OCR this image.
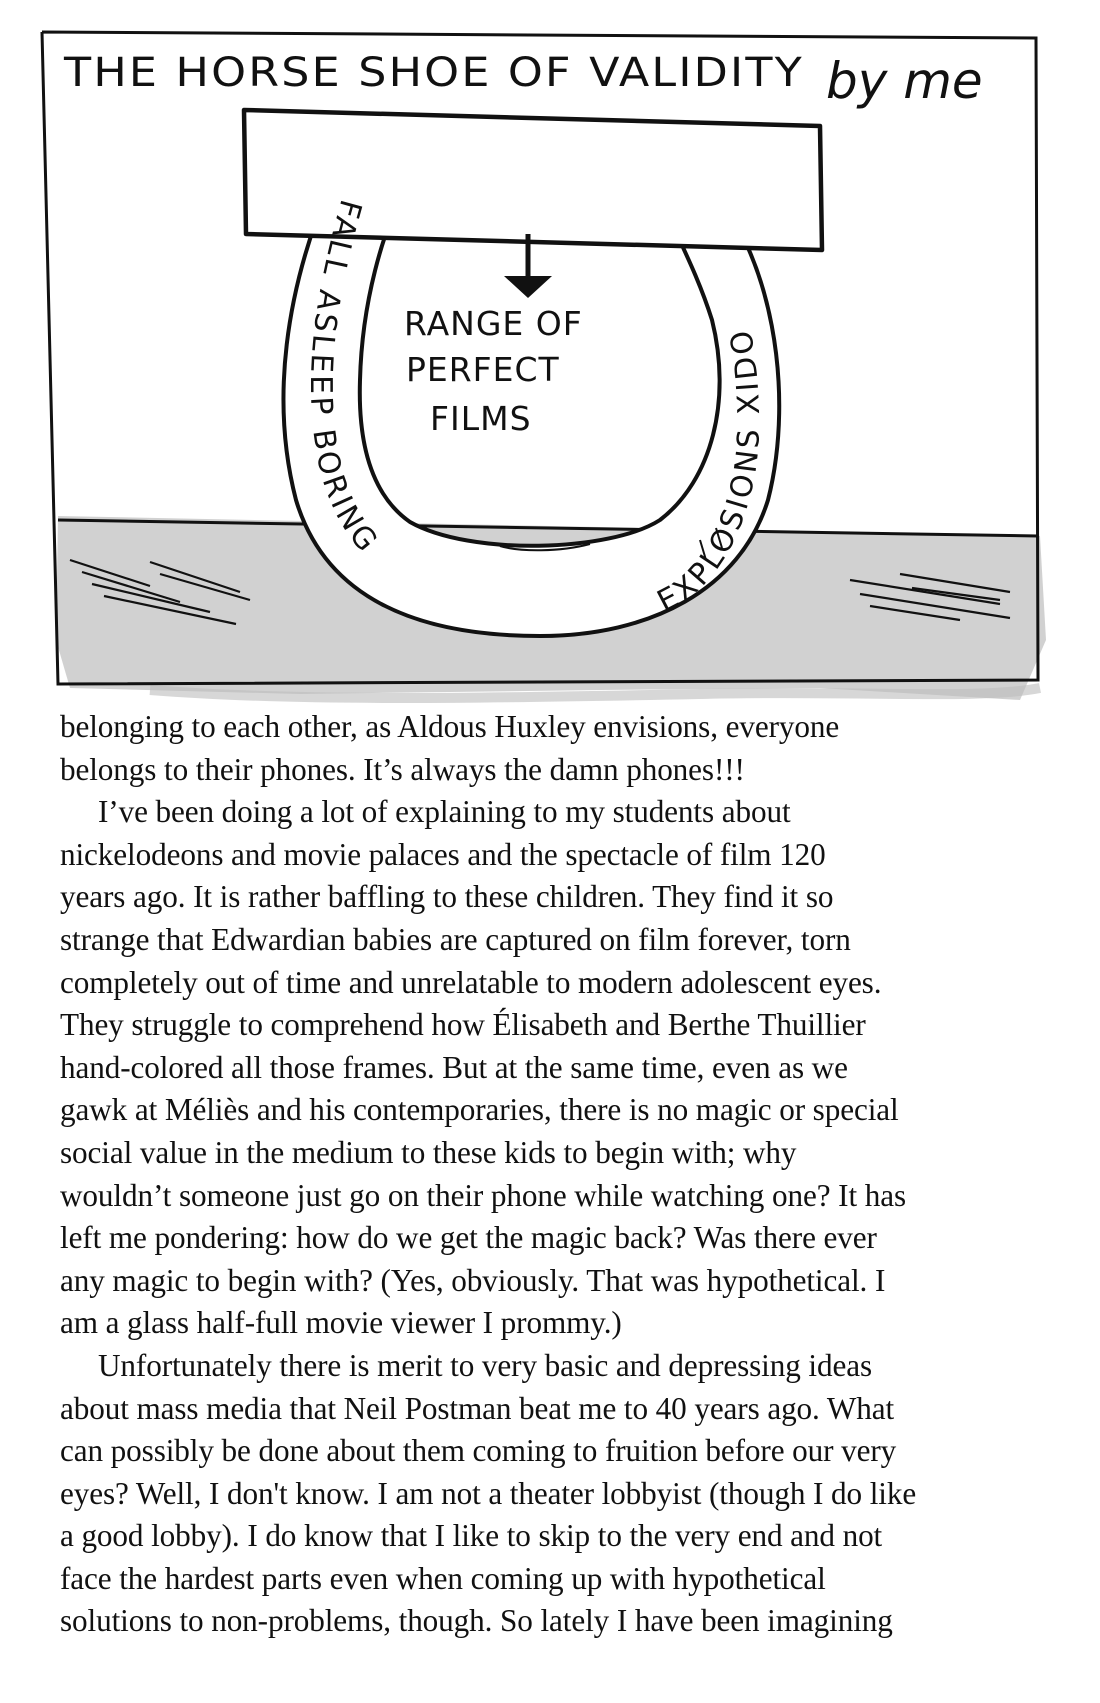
THE HORSE SHOE OF VALIDITY by me
RANGE OF
PERFECT
FILMS
FALL ASLEEP BORING
EXPLOSIONS XIDO

belonging to each other, as Aldous Huxley envisions, everyone
belongs to their phones. It’s always the damn phones!!!

I’ve been doing a lot of explaining to my students about
nickelodeons and movie palaces and the spectacle of film 120
years ago. It is rather baffling to these children. They find it so
strange that Edwardian babies are captured on film forever, torn
completely out of time and unrelatable to modern adolescent eyes.
They struggle to comprehend how Élisabeth and Berthe Thuillier
hand-colored all those frames. But at the same time, even as we
gawk at Méliès and his contemporaries, there is no magic or special
social value in the medium to these kids to begin with; why
wouldn’t someone just go on their phone while watching one? It has
left me pondering: how do we get the magic back? Was there ever
any magic to begin with? (Yes, obviously. That was hypothetical. I
am a glass half-full movie viewer I prommy.)

Unfortunately there is merit to very basic and depressing ideas
about mass media that Neil Postman beat me to 40 years ago. What
can possibly be done about them coming to fruition before our very
eyes? Well, I don't know. I am not a theater lobbyist (though I do like
a good lobby). I do know that I like to skip to the very end and not
face the hardest parts even when coming up with hypothetical
solutions to non-problems, though. So lately I have been imagining
